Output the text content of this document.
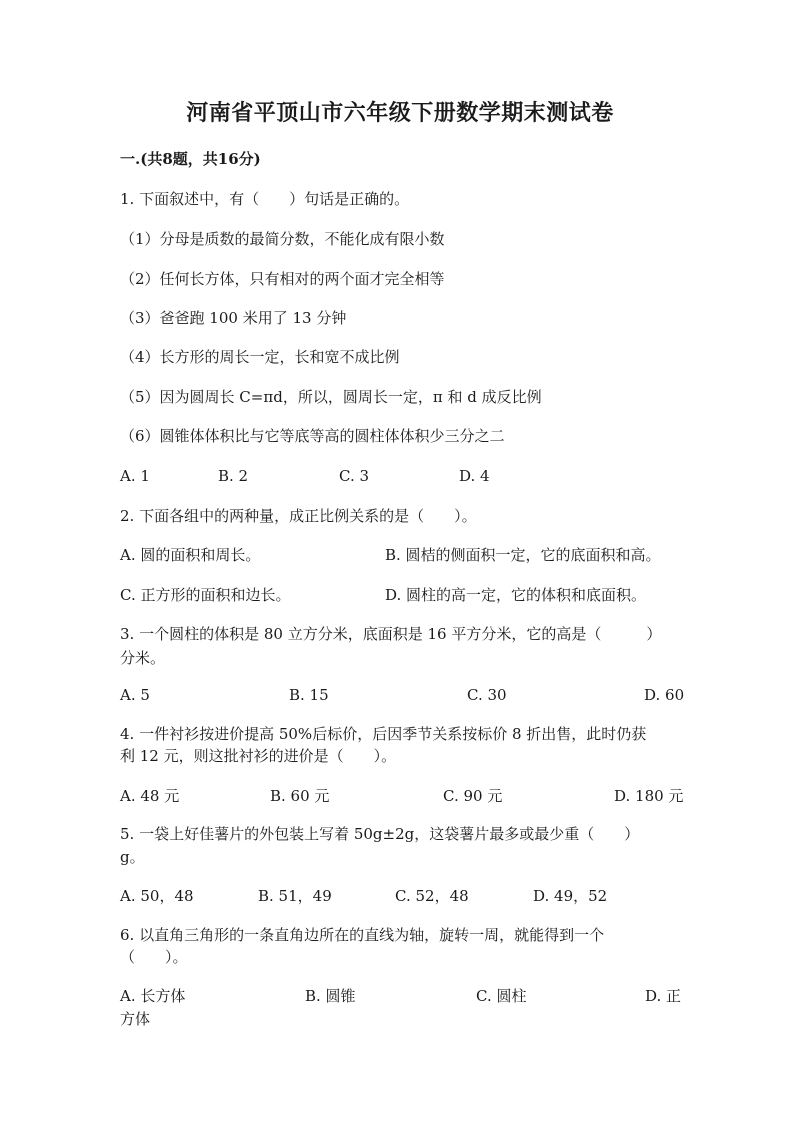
河南省平顶山市六年级下册数学期末测试卷
一.(共8题，共16分)
1. 下面叙述中，有（　　）句话是正确的。
（1）分母是质数的最简分数，不能化成有限小数
（2）任何长方体，只有相对的两个面才完全相等
（3）爸爸跑 100 米用了 13 分钟
（4）长方形的周长一定，长和宽不成比例
（5）因为圆周长 C=πd，所以，圆周长一定，π 和 d 成反比例
（6）圆锥体体积比与它等底等高的圆柱体体积少三分之二
A. 1	B. 2	C. 3	D. 4
2. 下面各组中的两种量，成正比例关系的是（　　）。
A. 圆的面积和周长。	B. 圆桔的侧面积一定，它的底面积和高。
C. 正方形的面积和边长。	D. 圆柱的高一定，它的体积和底面积。
3. 一个圆柱的体积是 80 立方分米，底面积是 16 平方分米，它的高是（　　　）
分米。
A. 5	B. 15	C. 30	D. 60
4. 一件衬衫按进价提高 50%后标价，后因季节关系按标价 8 折出售，此时仍获
利 12 元，则这批衬衫的进价是（　　）。
A. 48 元	B. 60 元	C. 90 元	D. 180 元
5. 一袋上好佳薯片的外包装上写着 50g±2g，这袋薯片最多或最少重（　　）
g。
A. 50，48	B. 51，49	C. 52，48	D. 49，52
6. 以直角三角形的一条直角边所在的直线为轴，旋转一周，就能得到一个
（　　）。
A. 长方体	B. 圆锥	C. 圆柱	D. 正
方体
